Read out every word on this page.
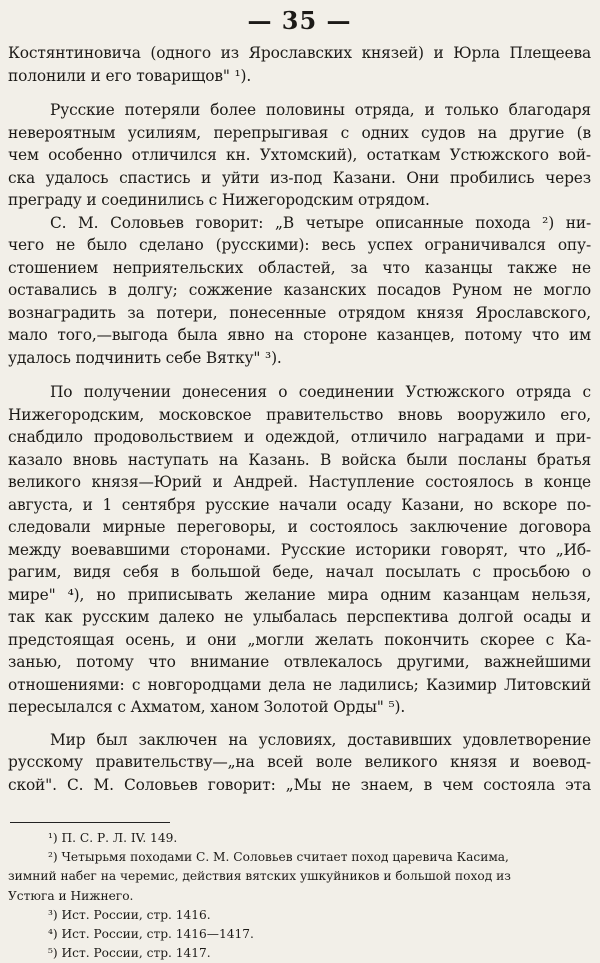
— 35 —
Костянтиновича (одного из Ярославских князей) и Юрла Плещеева
полонили и его товарищов" ¹).
Русские потеряли более половины отряда, и только благодаря
невероятным усилиям, перепрыгивая с одних судов на другие (в
чем особенно отличился кн. Ухтомский), остаткам Устюжского вой-
ска удалось спастись и уйти из-под Казани. Они пробились через
преграду и соединились с Нижегородским отрядом.
С. М. Соловьев говорит: „В четыре описанные похода ²) ни-
чего не было сделано (русскими): весь успех ограничивался опу-
стошением неприятельских областей, за что казанцы также не
оставались в долгу; сожжение казанских посадов Руном не могло
вознаградить за потери, понесенные отрядом князя Ярославского,
мало того,—выгода была явно на стороне казанцев, потому что им
удалось подчинить себе Вятку" ³).
По получении донесения о соединении Устюжского отряда с
Нижегородским, московское правительство вновь вооружило его,
снабдило продовольствием и одеждой, отличило наградами и при-
казало вновь наступать на Казань. В войска были посланы братья
великого князя—Юрий и Андрей. Наступление состоялось в конце
августа, и 1 сентября русские начали осаду Казани, но вскоре по-
следовали мирные переговоры, и состоялось заключение договора
между воевавшими сторонами. Русские историки говорят, что „Иб-
рагим, видя себя в большой беде, начал посылать с просьбою о
мире" ⁴), но приписывать желание мира одним казанцам нельзя,
так как русским далеко не улыбалась перспектива долгой осады и
предстоящая осень, и они „могли желать покончить скорее с Ка-
занью, потому что внимание отвлекалось другими, важнейшими
отношениями: с новгородцами дела не ладились; Казимир Литовский
пересылался с Ахматом, ханом Золотой Орды" ⁵).
Мир был заключен на условиях, доставивших удовлетворение
русскому правительству—„на всей воле великого князя и воевод-
ской". С. М. Соловьев говорит: „Мы не знаем, в чем состояла эта
¹) П. С. Р. Л. IV. 149.
²) Четырьмя походами С. М. Соловьев считает поход царевича Касима,
зимний набег на черемис, действия вятских ушкуйников и большой поход из
Устюга и Нижнего.
³) Ист. России, стр. 1416.
⁴) Ист. России, стр. 1416—1417.
⁵) Ист. России, стр. 1417.
